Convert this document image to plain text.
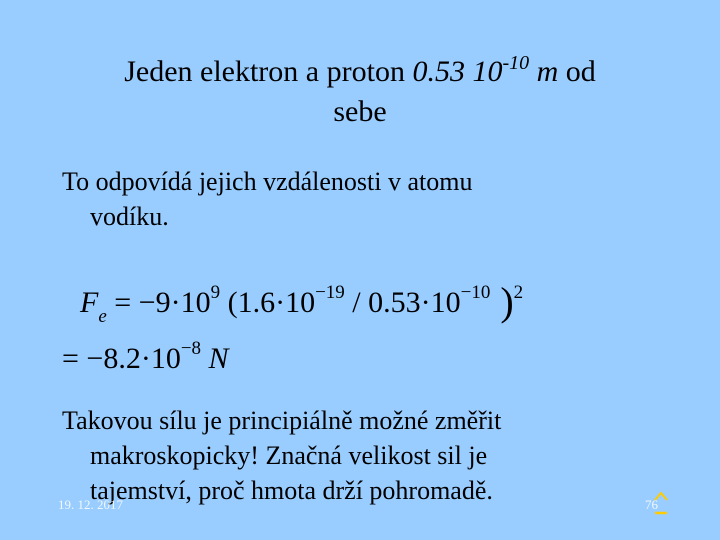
Jeden elektron a proton 0.53 $10^{-10}$ m od
sebe
To odpovídá jejich vzdálenosti v atomu
vodíku.
$F_e = -9\cdot 10^9$ ($1.6\cdot 10^{-19} / 0.53\cdot 10^{-10}$ )$^2$
= $-8.2\cdot 10^{-8}$ N
Takovou sílu je principiálně možné změřit
makroskopicky! Značná velikost sil je
tajemství, proč hmota drží pohromadě.
19. 12. 2017	76
